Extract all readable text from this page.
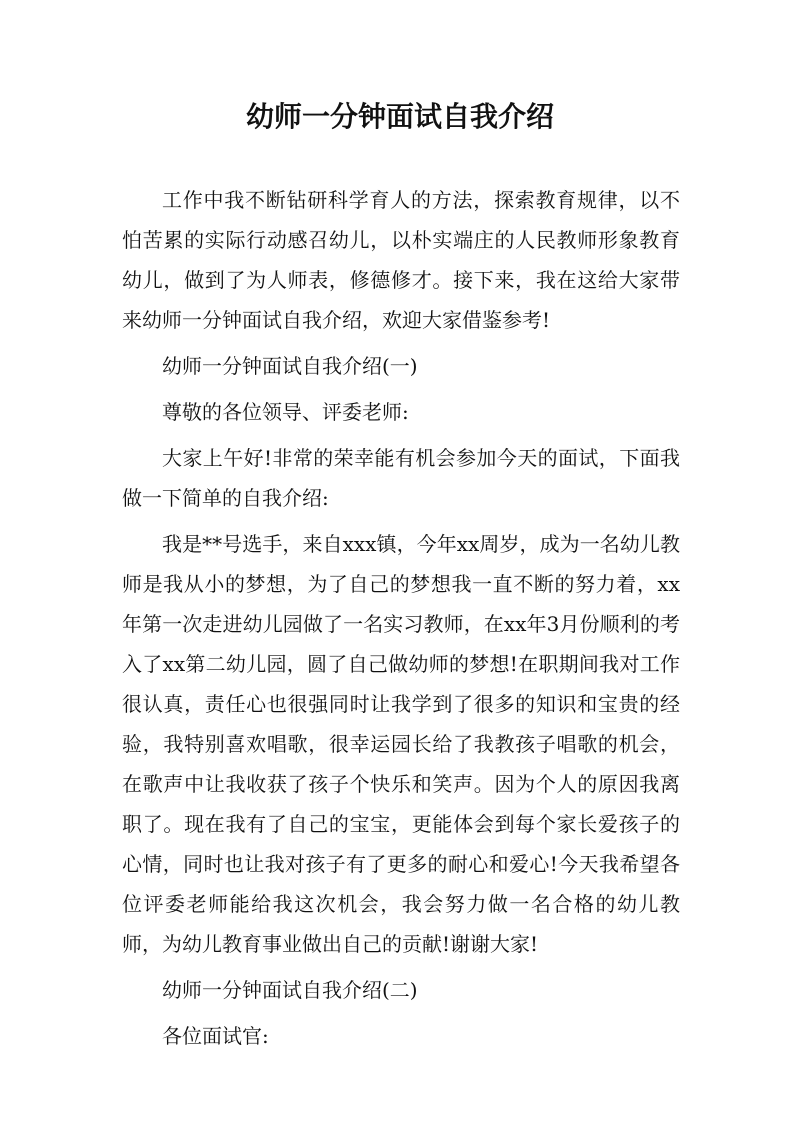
幼师一分钟面试自我介绍

工作中我不断钻研科学育人的方法，探索教育规律，以不怕苦累的实际行动感召幼儿，以朴实端庄的人民教师形象教育幼儿，做到了为人师表，修德修才。接下来，我在这给大家带来幼师一分钟面试自我介绍，欢迎大家借鉴参考!

幼师一分钟面试自我介绍(一)

尊敬的各位领导、评委老师:

大家上午好!非常的荣幸能有机会参加今天的面试，下面我做一下简单的自我介绍:

我是**号选手，来自xxx镇，今年xx周岁，成为一名幼儿教师是我从小的梦想，为了自己的梦想我一直不断的努力着，xx年第一次走进幼儿园做了一名实习教师，在xx年3月份顺利的考入了xx第二幼儿园，圆了自己做幼师的梦想!在职期间我对工作很认真，责任心也很强同时让我学到了很多的知识和宝贵的经验，我特别喜欢唱歌，很幸运园长给了我教孩子唱歌的机会，在歌声中让我收获了孩子个快乐和笑声。因为个人的原因我离职了。现在我有了自己的宝宝，更能体会到每个家长爱孩子的心情，同时也让我对孩子有了更多的耐心和爱心!今天我希望各位评委老师能给我这次机会，我会努力做一名合格的幼儿教师，为幼儿教育事业做出自己的贡献!谢谢大家!

幼师一分钟面试自我介绍(二)

各位面试官:
